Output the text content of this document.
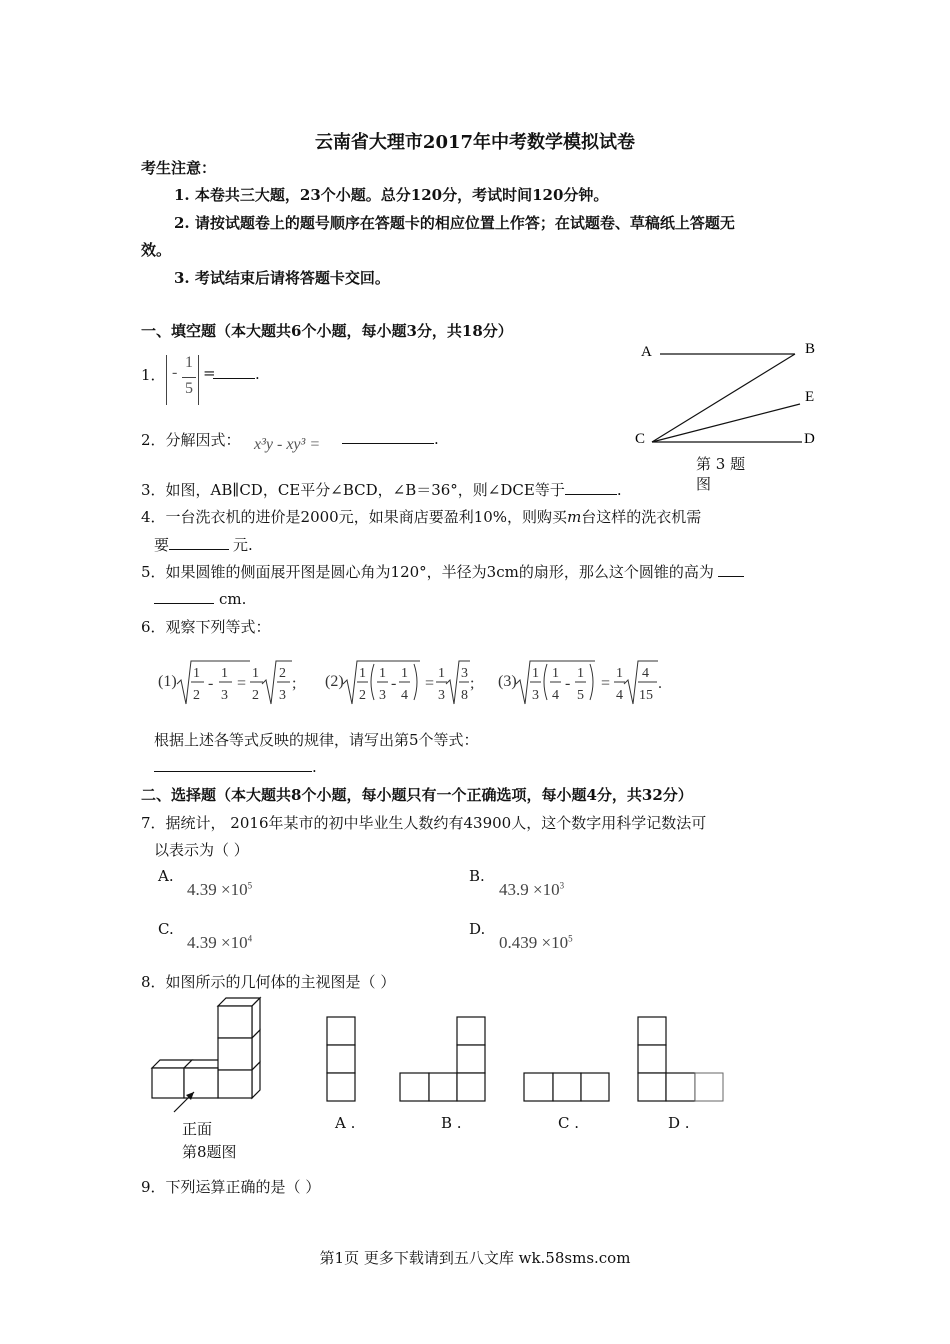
云南省大理市2017年中考数学模拟试卷
考生注意：
1. 本卷共三大题，23个小题。总分120分，考试时间120分钟。
2. 请按试题卷上的题号顺序在答题卡的相应位置上作答；在试题卷、草稿纸上答题无
效。
3. 考试结束后请将答题卡交回。
一、填空题（本大题共6个小题，每小题3分，共18分）
1． -
1
5
=	.
2．分解因式： x³y - xy³ =	.
A	B
E
C	D
第 3 题
图
3．如图，AB∥CD，CE平分∠BCD，∠B＝36°，则∠DCE等于	.
4．一台洗衣机的进价是2000元，如果商店要盈利10%，则购买m台这样的洗衣机需
要	元.
5．如果圆锥的侧面展开图是圆心角为120°，半径为3cm的扇形，那么这个圆锥的高为
cm.
6．观察下列等式：
(1) 1
2
-
1
3
=
1
2
2
3
; (2) 1
2
1
3
-
1
4
=
1
3
3
8
; (3) 1
3
1
4
-
1
5
=
1
4
4
15
.
根据上述各等式反映的规律，请写出第5个等式：
.
二、选择题（本大题共8个小题，每小题只有一个正确选项，每小题4分，共32分）
7．据统计， 2016年某市的初中毕业生人数约有43900人，这个数字用科学记数法可
以表示为（ ）
A.
$4.39 \times 10^5$
B.
$43.9 \times 10^3$
C.
$4.39 \times 10^4$
D.
$0.439 \times 10^5$
8．如图所示的几何体的主视图是（ ）
正面
第8题图
A .	B .	C .	D .
9．下列运算正确的是（ ）
第1页 更多下载请到五八文库 wk.58sms.com
